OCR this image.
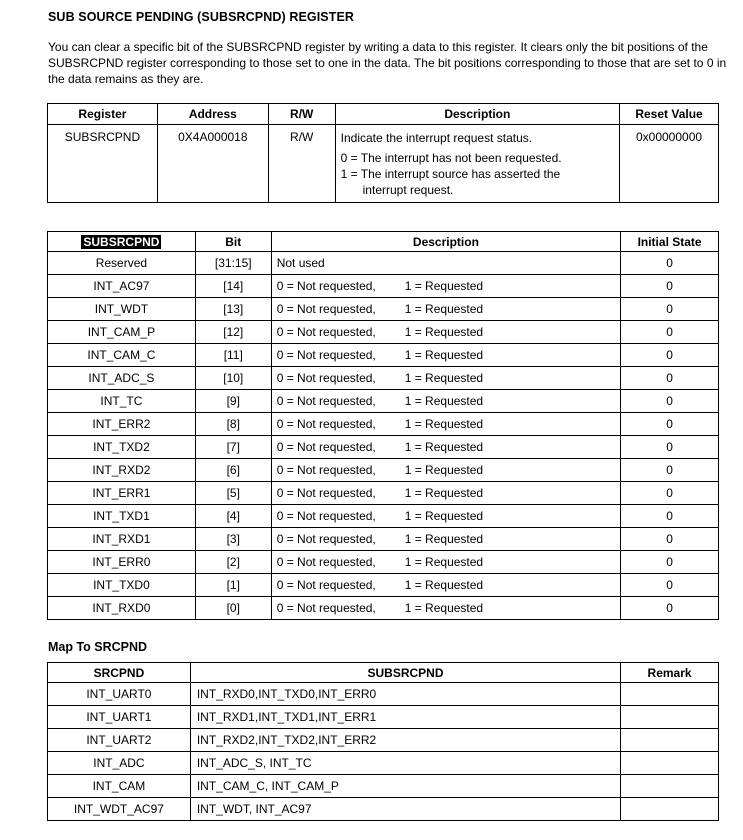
SUB SOURCE PENDING (SUBSRCPND) REGISTER

You can clear a specific bit of the SUBSRCPND register by writing a data to this register. It clears only the bit positions of the SUBSRCPND register corresponding to those set to one in the data. The bit positions corresponding to those that are set to 0 in the data remains as they are.

Register	Address	R/W	Description	Reset Value
SUBSRCPND	0X4A000018	R/W	Indicate the interrupt request status.
0 = The interrupt has not been requested.
1 = The interrupt source has asserted the
interrupt request.	0x00000000
SUBSRCPND	Bit	Description	Initial State
Reserved	[31:15]	Not used	0
INT_AC97	[14]	0 = Not requested, 1 = Requested	0
INT_WDT	[13]	0 = Not requested, 1 = Requested	0
INT_CAM_P	[12]	0 = Not requested, 1 = Requested	0
INT_CAM_C	[11]	0 = Not requested, 1 = Requested	0
INT_ADC_S	[10]	0 = Not requested, 1 = Requested	0
INT_TC	[9]	0 = Not requested, 1 = Requested	0
INT_ERR2	[8]	0 = Not requested, 1 = Requested	0
INT_TXD2	[7]	0 = Not requested, 1 = Requested	0
INT_RXD2	[6]	0 = Not requested, 1 = Requested	0
INT_ERR1	[5]	0 = Not requested, 1 = Requested	0
INT_TXD1	[4]	0 = Not requested, 1 = Requested	0
INT_RXD1	[3]	0 = Not requested, 1 = Requested	0
INT_ERR0	[2]	0 = Not requested, 1 = Requested	0
INT_TXD0	[1]	0 = Not requested, 1 = Requested	0
INT_RXD0	[0]	0 = Not requested, 1 = Requested	0
Map To SRCPND
SRCPND	SUBSRCPND	Remark
INT_UART0	INT_RXD0,INT_TXD0,INT_ERR0	
INT_UART1	INT_RXD1,INT_TXD1,INT_ERR1	
INT_UART2	INT_RXD2,INT_TXD2,INT_ERR2	
INT_ADC	INT_ADC_S, INT_TC	
INT_CAM	INT_CAM_C, INT_CAM_P	
INT_WDT_AC97	INT_WDT, INT_AC97	
